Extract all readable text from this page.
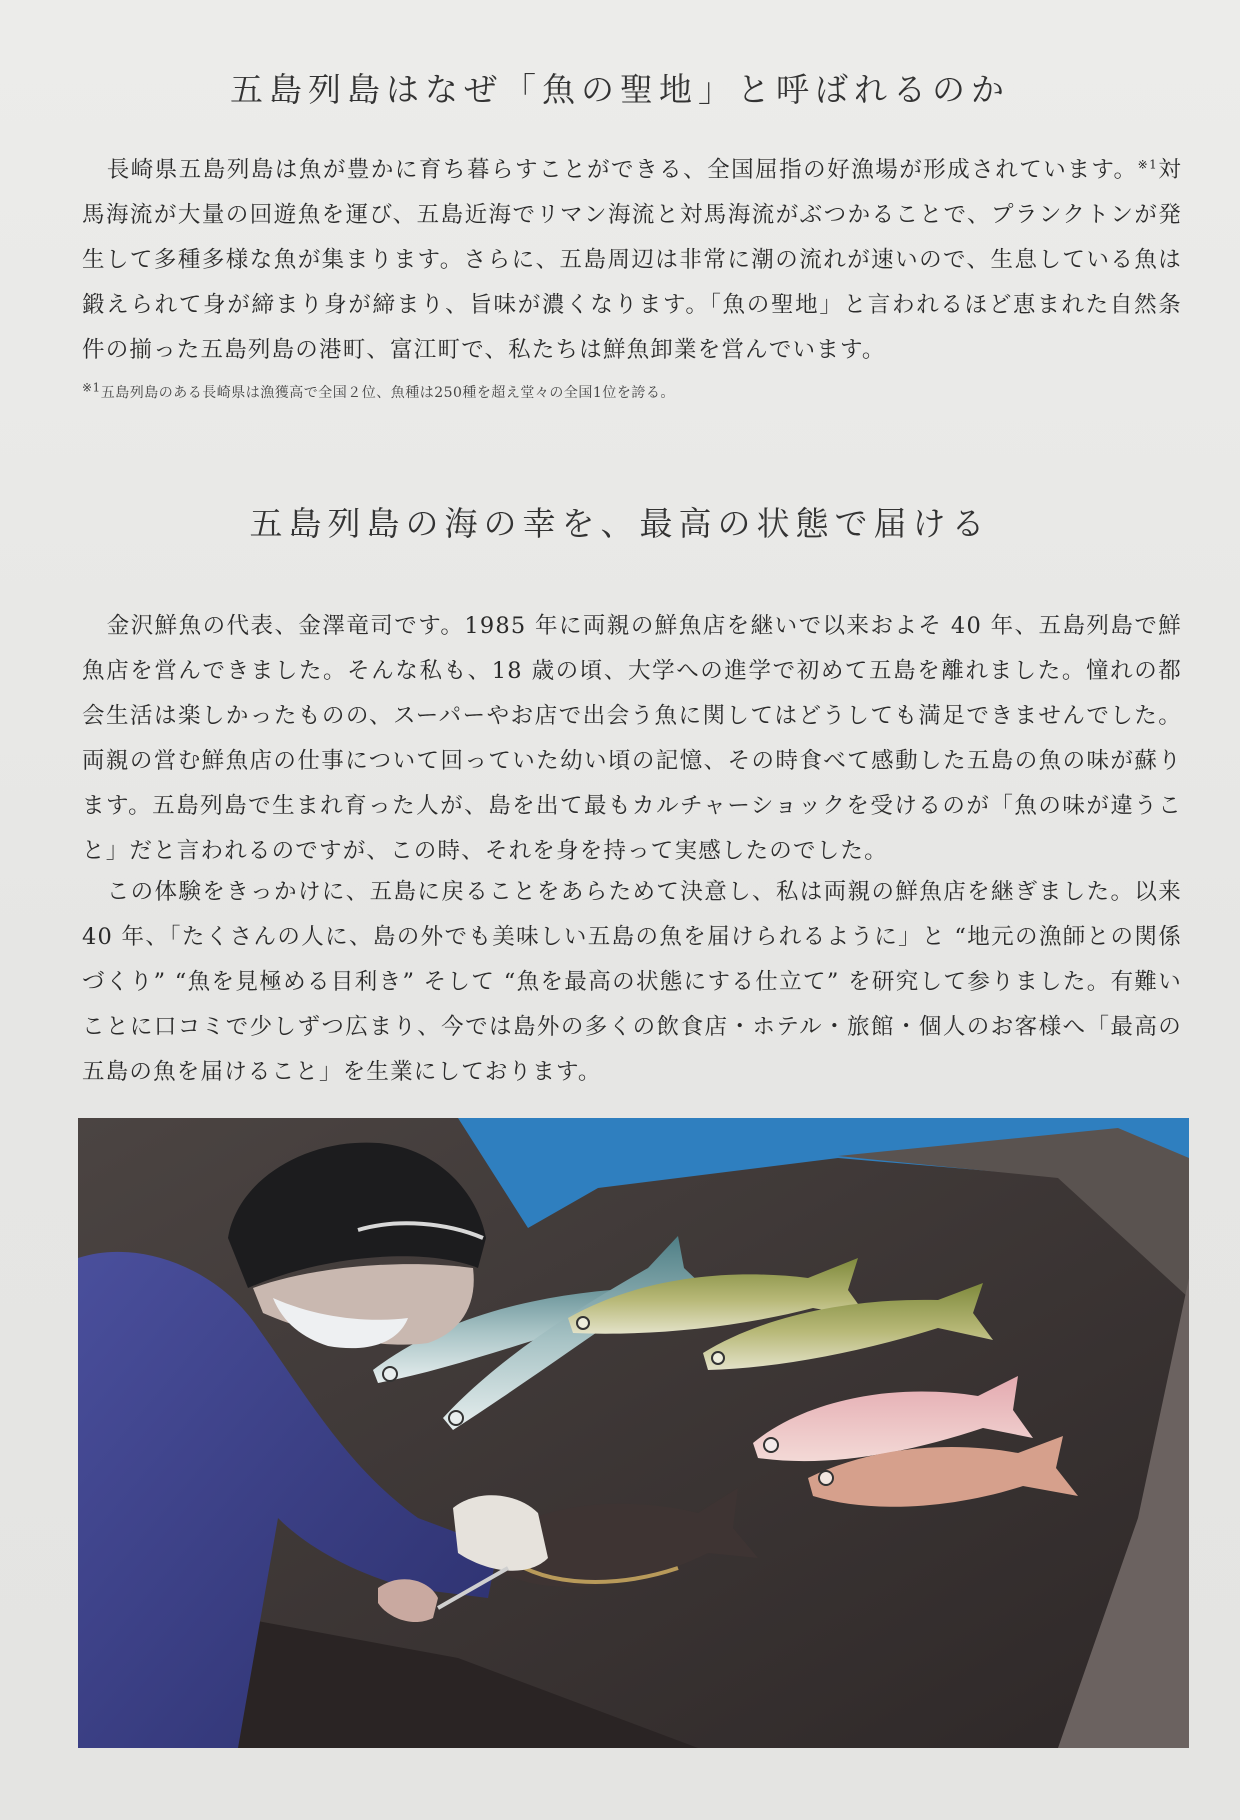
五島列島はなぜ「魚の聖地」と呼ばれるのか

長崎県五島列島は魚が豊かに育ち暮らすことができる、全国屈指の好漁場が形成されています。$^{※1}$対馬海流が大量の回遊魚を運び、五島近海でリマン海流と対馬海流がぶつかることで、プランクトンが発生して多種多様な魚が集まります。さらに、五島周辺は非常に潮の流れが速いので、生息している魚は鍛えられて身が締まり身が締まり、旨味が濃くなります。「魚の聖地」と言われるほど恵まれた自然条件の揃った五島列島の港町、富江町で、私たちは鮮魚卸業を営んでいます。

$^{※1}$五島列島のある長崎県は漁獲高で全国２位、魚種は250種を超え堂々の全国1位を誇る。

五島列島の海の幸を、最高の状態で届ける

金沢鮮魚の代表、金澤竜司です。1985 年に両親の鮮魚店を継いで以来およそ 40 年、五島列島で鮮魚店を営んできました。そんな私も、18 歳の頃、大学への進学で初めて五島を離れました。憧れの都会生活は楽しかったものの、スーパーやお店で出会う魚に関してはどうしても満足できませんでした。両親の営む鮮魚店の仕事について回っていた幼い頃の記憶、その時食べて感動した五島の魚の味が蘇ります。五島列島で生まれ育った人が、島を出て最もカルチャーショックを受けるのが「魚の味が違うこと」だと言われるのですが、この時、それを身を持って実感したのでした。

この体験をきっかけに、五島に戻ることをあらためて決意し、私は両親の鮮魚店を継ぎました。以来 40 年、「たくさんの人に、島の外でも美味しい五島の魚を届けられるように」と “地元の漁師との関係づくり” “魚を見極める目利き” そして “魚を最高の状態にする仕立て” を研究して参りました。有難いことに口コミで少しずつ広まり、今では島外の多くの飲食店・ホテル・旅館・個人のお客様へ「最高の五島の魚を届けること」を生業にしております。
